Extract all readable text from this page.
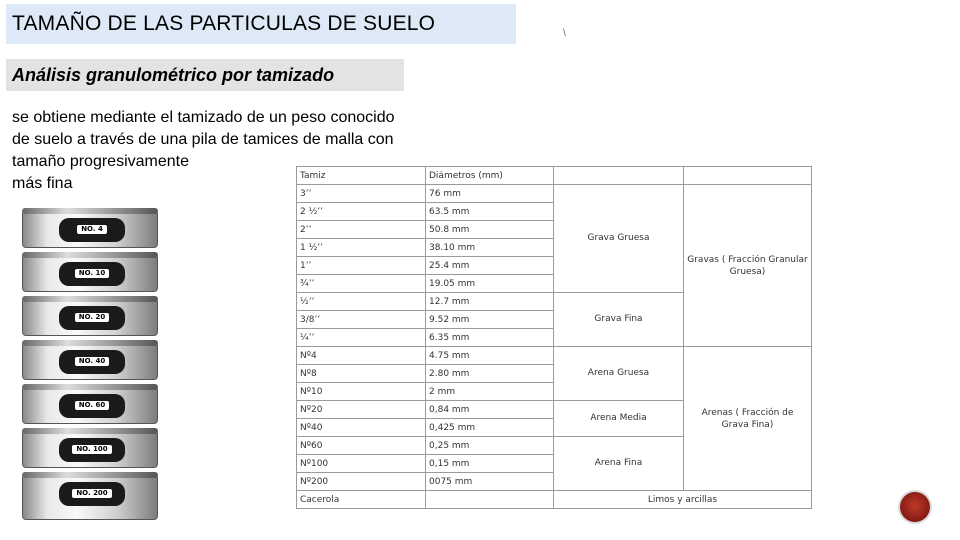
TAMAÑO DE LAS PARTICULAS DE SUELO	\
Análisis granulométrico por tamizado
se obtiene mediante el tamizado de un peso conocido
de suelo a través de una pila de tamices de malla con
tamaño progresivamente
más fina
NO. 4
NO. 10
NO. 20
NO. 40
NO. 60
NO. 100
NO. 200
Tamiz	Diámetros (mm)		
3’’	76 mm	Grava Gruesa	Gravas ( Fracción Granular Gruesa)
2 ½’’	63.5 mm		
2’’	50.8 mm		
1 ½’’	38.10 mm		
1’’	25.4 mm		
¾’’	19.05 mm		
½’’	12.7 mm	Grava Fina	
3/8’’	9.52 mm		
¼’’	6.35 mm		
Nº4	4.75 mm	Arena Gruesa	Arenas ( Fracción de Grava Fina)
Nº8	2.80 mm		
Nº10	2 mm		
Nº20	0,84 mm	Arena Media	
Nº40	0,425 mm		
Nº60	0,25 mm	Arena Fina	
Nº100	0,15 mm		
Nº200	0075 mm		
Cacerola		Limos y arcillas	
